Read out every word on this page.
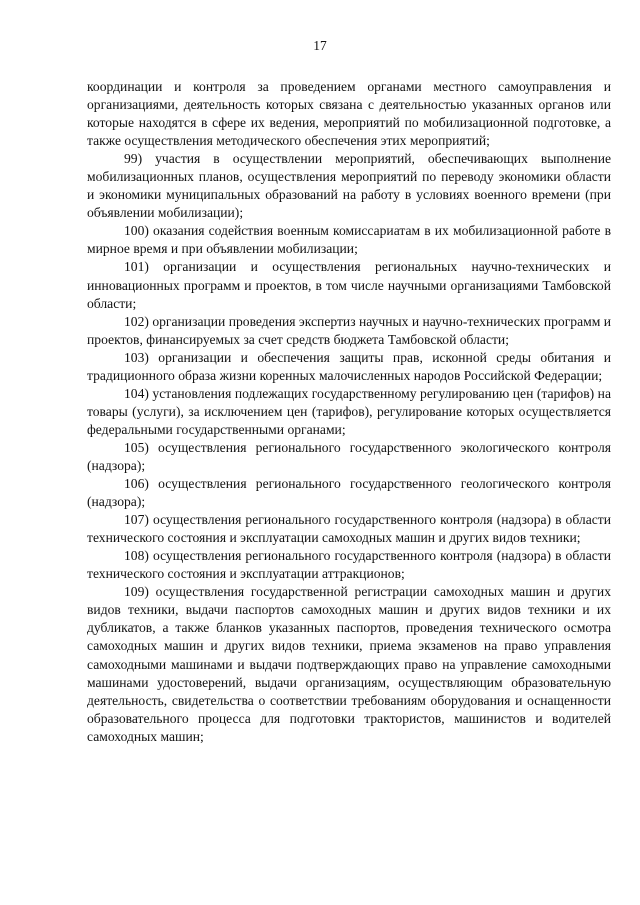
17

координации и контроля за проведением органами местного самоуправления и организациями, деятельность которых связана с деятельностью указанных органов или которые находятся в сфере их ведения, мероприятий по мобилизационной подготовке, а также осуществления методического обеспечения этих мероприятий;

99) участия в осуществлении мероприятий, обеспечивающих выполнение мобилизационных планов, осуществления мероприятий по переводу экономики области и экономики муниципальных образований на работу в условиях военного времени (при объявлении мобилизации);

100) оказания содействия военным комиссариатам в их мобилизационной работе в мирное время и при объявлении мобилизации;

101) организации и осуществления региональных научно-технических и инновационных программ и проектов, в том числе научными организациями Тамбовской области;

102) организации проведения экспертиз научных и научно-технических программ и проектов, финансируемых за счет средств бюджета Тамбовской области;

103) организации и обеспечения защиты прав, исконной среды обитания и традиционного образа жизни коренных малочисленных народов Российской Федерации;

104) установления подлежащих государственному регулированию цен (тарифов) на товары (услуги), за исключением цен (тарифов), регулирование которых осуществляется федеральными государственными органами;

105) осуществления регионального государственного экологического контроля (надзора);

106) осуществления регионального государственного геологического контроля (надзора);

107) осуществления регионального государственного контроля (надзора) в области технического состояния и эксплуатации самоходных машин и других видов техники;

108) осуществления регионального государственного контроля (надзора) в области технического состояния и эксплуатации аттракционов;

109) осуществления государственной регистрации самоходных машин и других видов техники, выдачи паспортов самоходных машин и других видов техники и их дубликатов, а также бланков указанных паспортов, проведения технического осмотра самоходных машин и других видов техники, приема экзаменов на право управления самоходными машинами и выдачи подтверждающих право на управление самоходными машинами удостоверений, выдачи организациям, осуществляющим образовательную деятельность, свидетельства о соответствии требованиям оборудования и оснащенности образовательного процесса для подготовки трактористов, машинистов и водителей самоходных машин;
